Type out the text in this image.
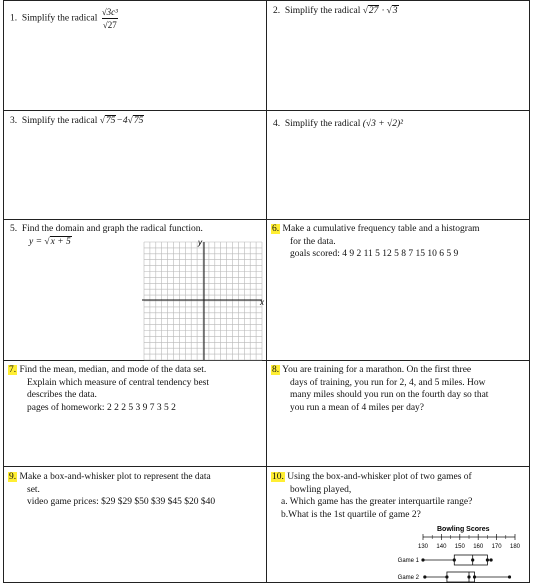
1. Simplify the radical $\frac{\text{√3c³}}{√27}$	2. Simplify the radical √27 · √3
3. Simplify the radical √75−4√75	4. Simplify the radical (√3 + √2)²
5. Find the domain and graph the radical function.
y = √x + 5
x
y
6. Make a cumulative frequency table and a histogram
for the data.
goals scored: 4 9 2 11 5 12 5 8 7 15 10 6 5 9
7. Find the mean, median, and mode of the data set.
Explain which measure of central tendency best
describes the data.
pages of homework: 2 2 2 5 3 9 7 3 5 2
8. You are training for a marathon. On the first three
days of training, you run for 2, 4, and 5 miles. How
many miles should you run on the fourth day so that
you run a mean of 4 miles per day?
9. Make a box-and-whisker plot to represent the data
set.
video game prices: $29 $29 $50 $39 $45 $20 $40
10. Using the box-and-whisker plot of two games of
bowling played,
a. Which game has the greater interquartile range?
b.What is the 1st quartile of game 2?
Bowling Scores
130 140 150 160 170 180
Game 1
Game 2
